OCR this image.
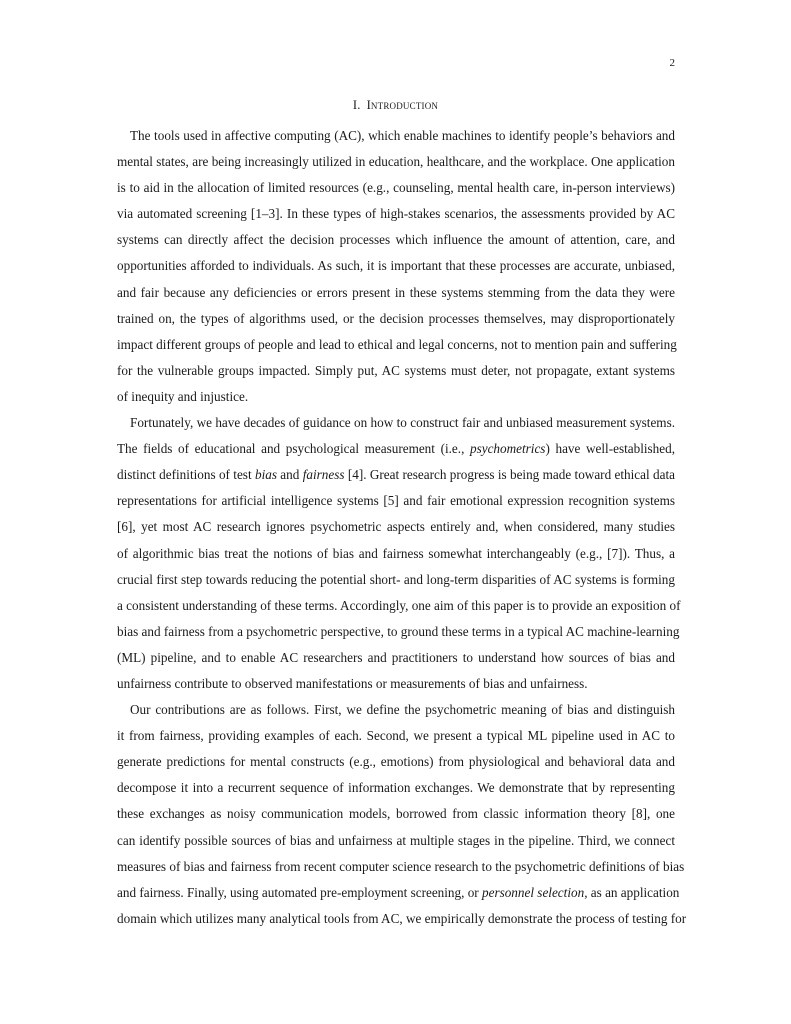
2
I. Introduction

The tools used in affective computing (AC), which enable machines to identify people’s behaviors and
mental states, are being increasingly utilized in education, healthcare, and the workplace. One application
is to aid in the allocation of limited resources (e.g., counseling, mental health care, in-person interviews)
via automated screening [1–3]. In these types of high-stakes scenarios, the assessments provided by AC
systems can directly affect the decision processes which influence the amount of attention, care, and
opportunities afforded to individuals. As such, it is important that these processes are accurate, unbiased,
and fair because any deficiencies or errors present in these systems stemming from the data they were
trained on, the types of algorithms used, or the decision processes themselves, may disproportionately
impact different groups of people and lead to ethical and legal concerns, not to mention pain and suffering
for the vulnerable groups impacted. Simply put, AC systems must deter, not propagate, extant systems
of inequity and injustice.

Fortunately, we have decades of guidance on how to construct fair and unbiased measurement systems.
The fields of educational and psychological measurement (i.e., psychometrics) have well-established,
distinct definitions of test bias and fairness [4]. Great research progress is being made toward ethical data
representations for artificial intelligence systems [5] and fair emotional expression recognition systems
[6], yet most AC research ignores psychometric aspects entirely and, when considered, many studies
of algorithmic bias treat the notions of bias and fairness somewhat interchangeably (e.g., [7]). Thus, a
crucial first step towards reducing the potential short- and long-term disparities of AC systems is forming
a consistent understanding of these terms. Accordingly, one aim of this paper is to provide an exposition of
bias and fairness from a psychometric perspective, to ground these terms in a typical AC machine-learning
(ML) pipeline, and to enable AC researchers and practitioners to understand how sources of bias and
unfairness contribute to observed manifestations or measurements of bias and unfairness.

Our contributions are as follows. First, we define the psychometric meaning of bias and distinguish
it from fairness, providing examples of each. Second, we present a typical ML pipeline used in AC to
generate predictions for mental constructs (e.g., emotions) from physiological and behavioral data and
decompose it into a recurrent sequence of information exchanges. We demonstrate that by representing
these exchanges as noisy communication models, borrowed from classic information theory [8], one
can identify possible sources of bias and unfairness at multiple stages in the pipeline. Third, we connect
measures of bias and fairness from recent computer science research to the psychometric definitions of bias
and fairness. Finally, using automated pre-employment screening, or personnel selection, as an application
domain which utilizes many analytical tools from AC, we empirically demonstrate the process of testing for
